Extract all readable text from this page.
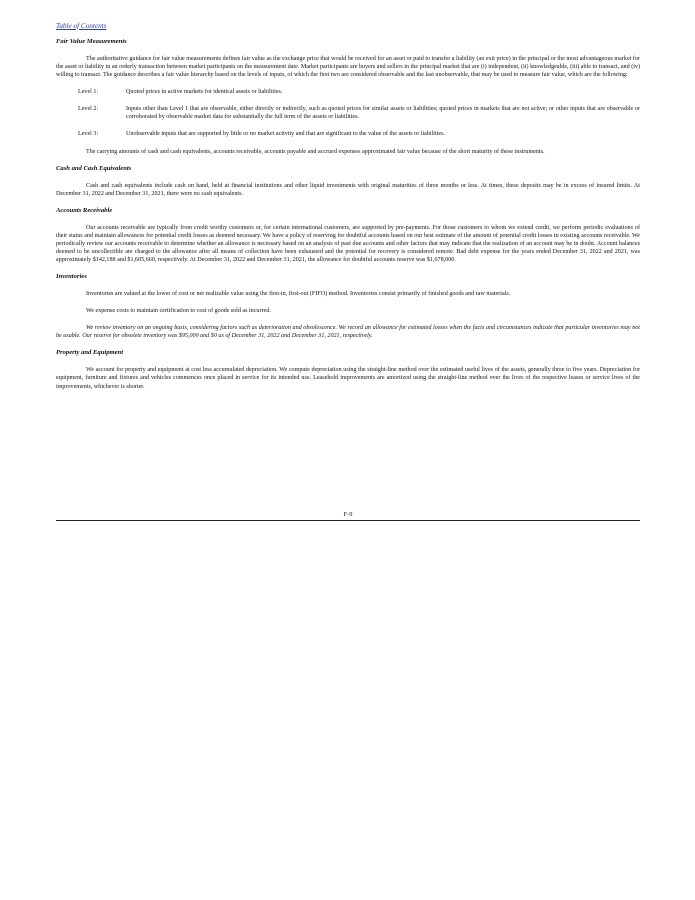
Table of Contents
Fair Value Measurements

The authoritative guidance for fair value measurements defines fair value as the exchange price that would be received for an asset or paid to transfer a liability (an exit price) in the principal or the most advantageous market for the asset or liability in an orderly transaction between market participants on the measurement date. Market participants are buyers and sellers in the principal market that are (i) independent, (ii) knowledgeable, (iii) able to transact, and (iv) willing to transact. The guidance describes a fair value hierarchy based on the levels of inputs, of which the first two are considered observable and the last unobservable, that may be used to measure fair value, which are the following:

Level 1:	Quoted prices in active markets for identical assets or liabilities.
Level 2:	Inputs other than Level 1 that are observable, either directly or indirectly, such as quoted prices for similar assets or liabilities; quoted prices in markets that are not active; or other inputs that are observable or corroborated by observable market data for substantially the full term of the assets or liabilities.
Level 3:	Unobservable inputs that are supported by little or no market activity and that are significant to the value of the assets or liabilities.

The carrying amounts of cash and cash equivalents, accounts receivable, accounts payable and accrued expenses approximated fair value because of the short maturity of these instruments.

Cash and Cash Equivalents

Cash and cash equivalents include cash on hand, held at financial institutions and other liquid investments with original maturities of three months or less. At times, these deposits may be in excess of insured limits. At December 31, 2022 and December 31, 2021, there were no cash equivalents.

Accounts Receivable

Our accounts receivable are typically from credit worthy customers or, for certain international customers, are supported by pre-payments. For those customers to whom we extend credit, we perform periodic evaluations of their status and maintain allowances for potential credit losses as deemed necessary. We have a policy of reserving for doubtful accounts based on our best estimate of the amount of potential credit losses in existing accounts receivable. We periodically review our accounts receivable to determine whether an allowance is necessary based on an analysis of past due accounts and other factors that may indicate that the realization of an account may be in doubt. Account balances deemed to be uncollectible are charged to the allowance after all means of collection have been exhausted and the potential for recovery is considered remote. Bad debt expense for the years ended December 31, 2022 and 2021, was approximately $142,188 and $1,605,660, respectively. At December 31, 2022 and December 31, 2021, the allowance for doubtful accounts reserve was $1,678,000.

Inventories

Inventories are valued at the lower of cost or net realizable value using the first-in, first-out (FIFO) method. Inventories consist primarily of finished goods and raw materials.

We expense costs to maintain certification to cost of goods sold as incurred.

We review inventory on an ongoing basis, considering factors such as deterioration and obsolescence. We record an allowance for estimated losses when the facts and circumstances indicate that particular inventories may not be usable. Our reserve for obsolete inventory was $95,000 and $0 as of December 31, 2022 and December 31, 2021, respectively.

Property and Equipment

We account for property and equipment at cost less accumulated depreciation. We compute depreciation using the straight-line method over the estimated useful lives of the assets, generally three to five years. Depreciation for equipment, furniture and fixtures and vehicles commences once placed in service for its intended use. Leasehold improvements are amortized using the straight-line method over the lives of the respective leases or service lives of the improvements, whichever is shorter.

F-9
